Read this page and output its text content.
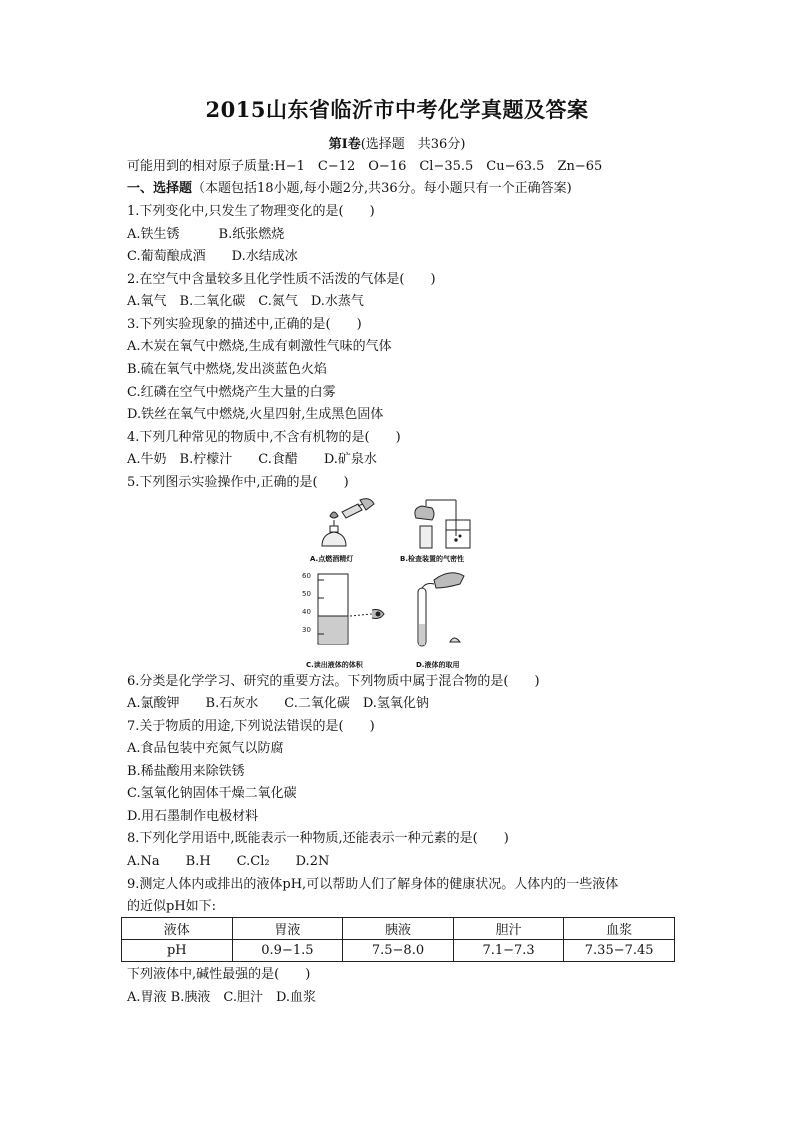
2015山东省临沂市中考化学真题及答案
第Ⅰ卷(选择题　共36分)
可能用到的相对原子质量:H−1　C−12　O−16　Cl−35.5　Cu−63.5　Zn−65
一、选择题（本题包括18小题,每小题2分,共36分。每小题只有一个正确答案)
1.下列变化中,只发生了物理变化的是(　　)
A.铁生锈　　　B.纸张燃烧
C.葡萄酿成酒　　D.水结成冰
2.在空气中含量较多且化学性质不活泼的气体是(　　)
A.氧气　B.二氧化碳　C.氮气　D.水蒸气
3.下列实验现象的描述中,正确的是(　　)
A.木炭在氧气中燃烧,生成有刺激性气味的气体
B.硫在氧气中燃烧,发出淡蓝色火焰
C.红磷在空气中燃烧产生大量的白雾
D.铁丝在氧气中燃烧,火星四射,生成黑色固体
4.下列几种常见的物质中,不含有机物的是(　　)
A.牛奶　B.柠檬汁　　C.食醋　　D.矿泉水
5.下列图示实验操作中,正确的是(　　)
60
50
40
30
A.点燃酒精灯	B.检查装置的气密性
C.读出液体的体积	D.液体的取用
6.分类是化学学习、研究的重要方法。下列物质中属于混合物的是(　　)
A.氯酸钾　　B.石灰水　　C.二氧化碳　D.氢氧化钠
7.关于物质的用途,下列说法错误的是(　　)
A.食品包装中充氮气以防腐
B.稀盐酸用来除铁锈
C.氢氧化钠固体干燥二氧化碳
D.用石墨制作电极材料
8.下列化学用语中,既能表示一种物质,还能表示一种元素的是(　　)
A.Na　　B.H　　C.Cl₂　　D.2N
9.测定人体内或排出的液体pH,可以帮助人们了解身体的健康状况。人体内的一些液体
的近似pH如下:
液体	胃液	胰液	胆汁	血浆
pH	0.9−1.5	7.5−8.0	7.1−7.3	7.35−7.45
下列液体中,碱性最强的是(　　)
A.胃液 B.胰液　C.胆汁　D.血浆
